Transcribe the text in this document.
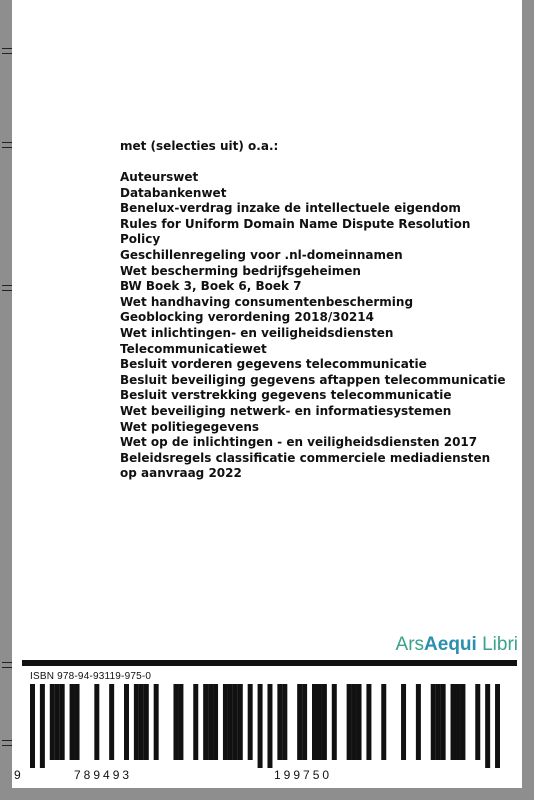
met (selecties uit) o.a.:
Auteurswet
Databankenwet
Benelux-verdrag inzake de intellectuele eigendom
Rules for Uniform Domain Name Dispute Resolution
Policy
Geschillenregeling voor .nl-domeinnamen
Wet bescherming bedrijfsgeheimen
BW Boek 3, Boek 6, Boek 7
Wet handhaving consumentenbescherming
Geoblocking verordening 2018/30214
Wet inlichtingen- en veiligheidsdiensten
Telecommunicatiewet
Besluit vorderen gegevens telecommunicatie
Besluit beveiliging gegevens aftappen telecommunicatie
Besluit verstrekking gegevens telecommunicatie
Wet beveiliging netwerk- en informatiesystemen
Wet politiegegevens
Wet op de inlichtingen - en veiligheidsdiensten 2017
Beleidsregels classificatie commerciele mediadiensten
op aanvraag 2022
ArsAequi Libri
ISBN 978-94-93119-975-0
9	789493	199750
